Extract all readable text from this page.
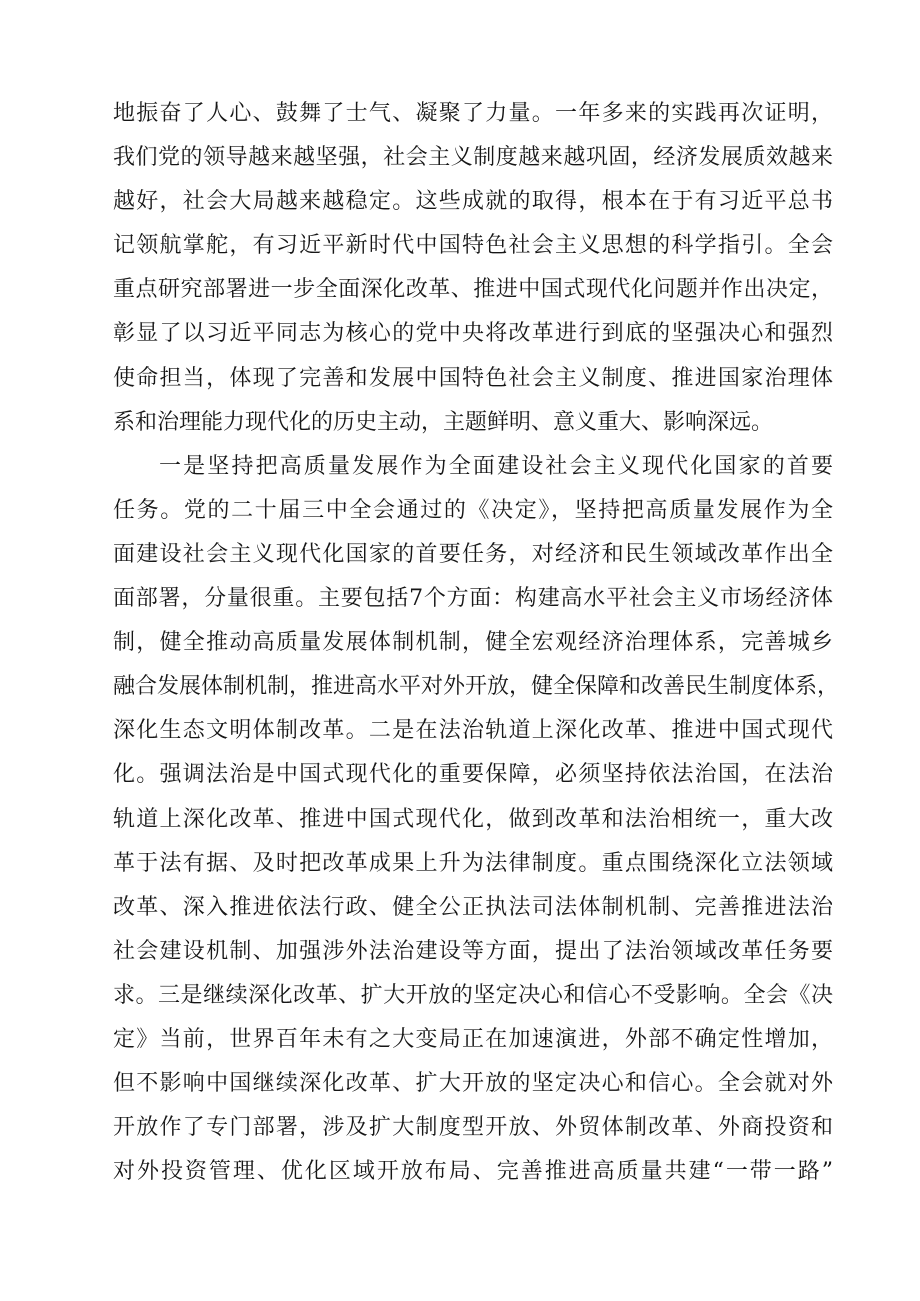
地振奋了人心、鼓舞了士气、凝聚了力量。一年多来的实践再次证明，
我们党的领导越来越坚强，社会主义制度越来越巩固，经济发展质效越来
越好，社会大局越来越稳定。这些成就的取得，根本在于有习近平总书
记领航掌舵，有习近平新时代中国特色社会主义思想的科学指引。全会
重点研究部署进一步全面深化改革、推进中国式现代化问题并作出决定，
彰显了以习近平同志为核心的党中央将改革进行到底的坚强决心和强烈
使命担当，体现了完善和发展中国特色社会主义制度、推进国家治理体
系和治理能力现代化的历史主动，主题鲜明、意义重大、影响深远。
一是坚持把高质量发展作为全面建设社会主义现代化国家的首要
任务。党的二十届三中全会通过的《决定》，坚持把高质量发展作为全
面建设社会主义现代化国家的首要任务，对经济和民生领域改革作出全
面部署，分量很重。主要包括7个方面：构建高水平社会主义市场经济体
制，健全推动高质量发展体制机制，健全宏观经济治理体系，完善城乡
融合发展体制机制，推进高水平对外开放，健全保障和改善民生制度体系，
深化生态文明体制改革。二是在法治轨道上深化改革、推进中国式现代
化。强调法治是中国式现代化的重要保障，必须坚持依法治国，在法治
轨道上深化改革、推进中国式现代化，做到改革和法治相统一，重大改
革于法有据、及时把改革成果上升为法律制度。重点围绕深化立法领域
改革、深入推进依法行政、健全公正执法司法体制机制、完善推进法治
社会建设机制、加强涉外法治建设等方面，提出了法治领域改革任务要
求。三是继续深化改革、扩大开放的坚定决心和信心不受影响。全会《决
定》当前，世界百年未有之大变局正在加速演进，外部不确定性增加，
但不影响中国继续深化改革、扩大开放的坚定决心和信心。全会就对外
开放作了专门部署，涉及扩大制度型开放、外贸体制改革、外商投资和
对外投资管理、优化区域开放布局、完善推进高质量共建“一带一路”
